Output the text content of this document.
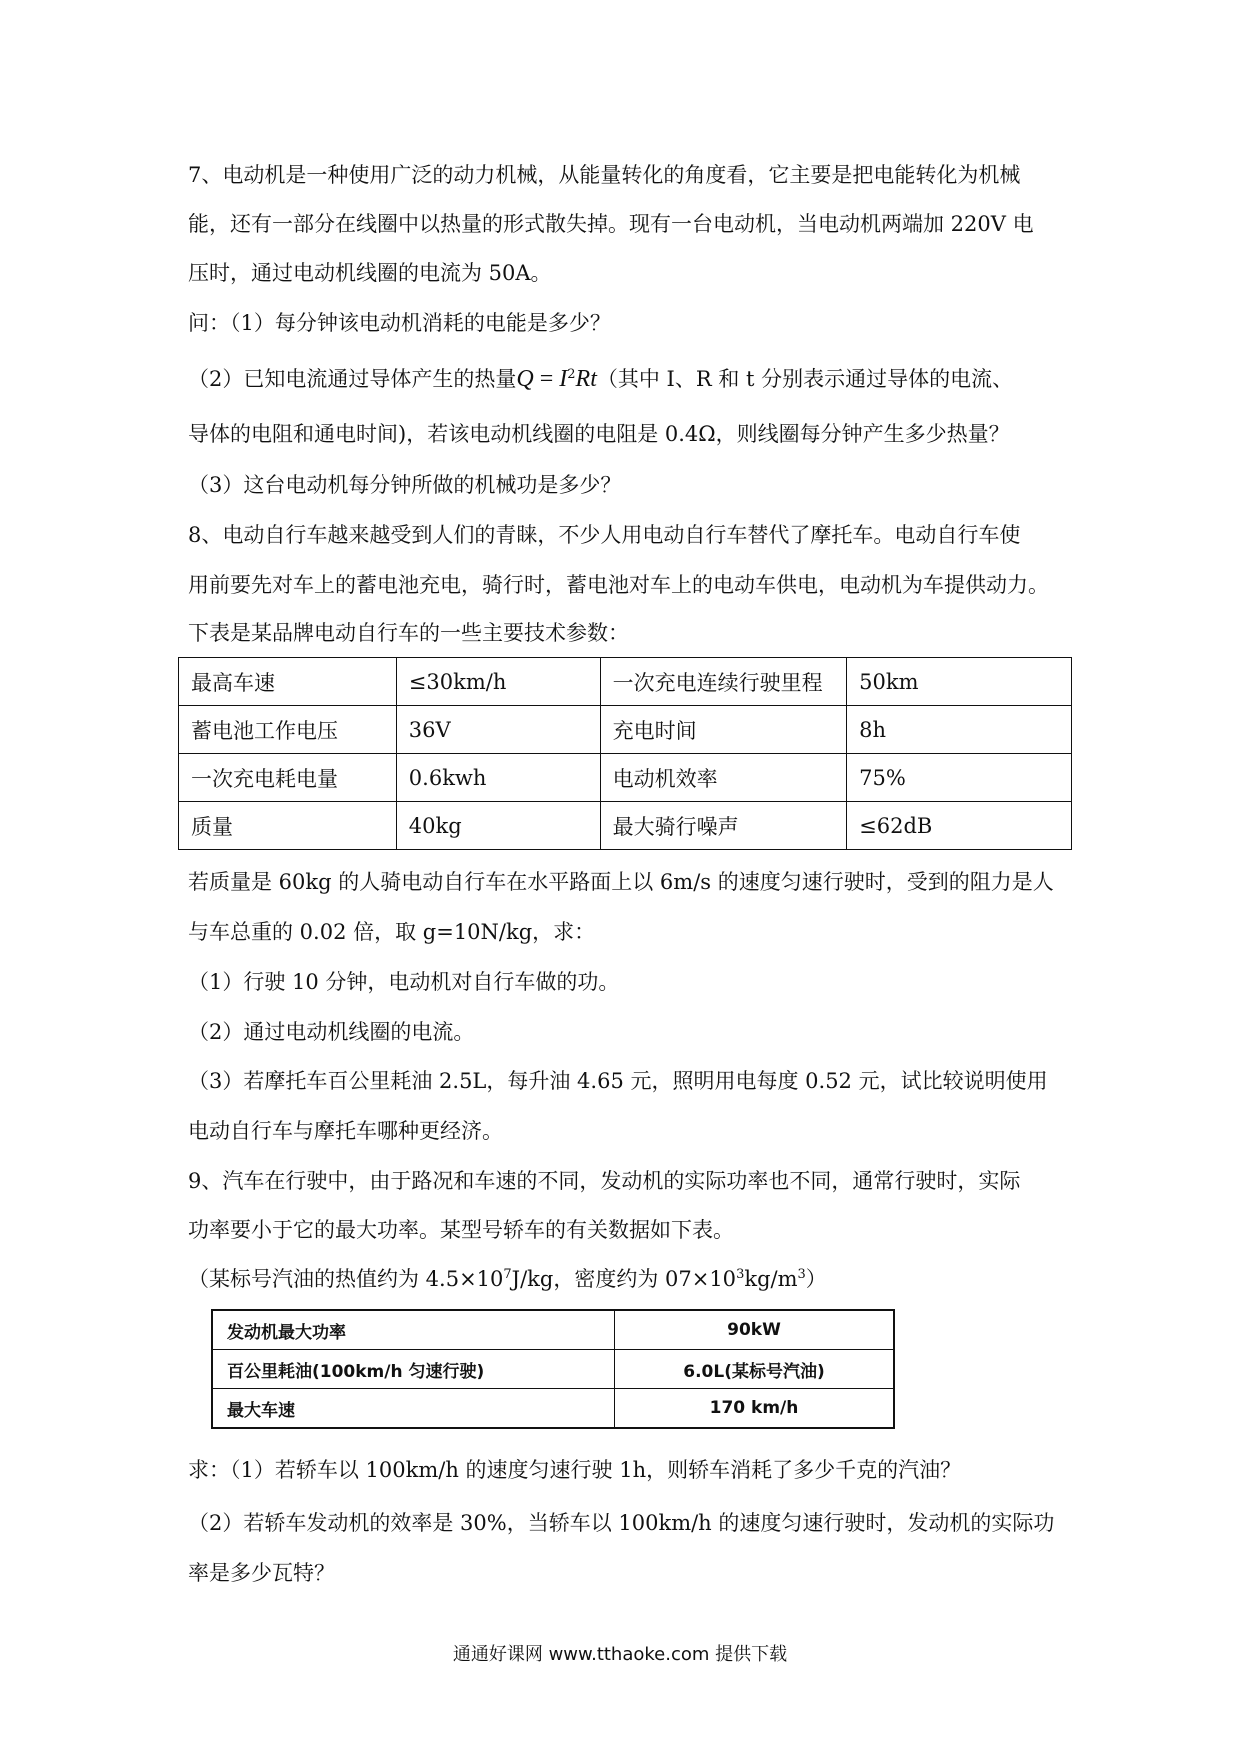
7、电动机是一种使用广泛的动力机械，从能量转化的角度看，它主要是把电能转化为机械
能，还有一部分在线圈中以热量的形式散失掉。现有一台电动机，当电动机两端加 220V 电
压时，通过电动机线圈的电流为 50A。
问：（1）每分钟该电动机消耗的电能是多少？
（2）已知电流通过导体产生的热量$Q = I^2Rt$（其中 I、R 和 t 分别表示通过导体的电流、
导体的电阻和通电时间)，若该电动机线圈的电阻是 0.4Ω，则线圈每分钟产生多少热量？
（3）这台电动机每分钟所做的机械功是多少？
8、电动自行车越来越受到人们的青睐，不少人用电动自行车替代了摩托车。电动自行车使
用前要先对车上的蓄电池充电，骑行时，蓄电池对车上的电动车供电，电动机为车提供动力。
下表是某品牌电动自行车的一些主要技术参数：
最高车速	≤30km/h	一次充电连续行驶里程	50km
蓄电池工作电压	36V	充电时间	8h
一次充电耗电量	0.6kwh	电动机效率	75%
质量	40kg	最大骑行噪声	≤62dB
若质量是 60kg 的人骑电动自行车在水平路面上以 6m/s 的速度匀速行驶时，受到的阻力是人
与车总重的 0.02 倍，取 g=10N/kg，求：
（1）行驶 10 分钟，电动机对自行车做的功。
（2）通过电动机线圈的电流。
（3）若摩托车百公里耗油 2.5L，每升油 4.65 元，照明用电每度 0.52 元，试比较说明使用
电动自行车与摩托车哪种更经济。
9、汽车在行驶中，由于路况和车速的不同，发动机的实际功率也不同，通常行驶时，实际
功率要小于它的最大功率。某型号轿车的有关数据如下表。
（某标号汽油的热值约为 $4.5\times 10^7J/kg$，密度约为 $07\times 10^3kg/m^3$）
发动机最大功率	90kW
百公里耗油(100km/h 匀速行驶)	6.0L(某标号汽油)
最大车速	170 km/h
求：（1）若轿车以 100km/h 的速度匀速行驶 1h，则轿车消耗了多少千克的汽油？
（2）若轿车发动机的效率是 30%，当轿车以 100km/h 的速度匀速行驶时，发动机的实际功
率是多少瓦特？
通通好课网 www.tthaoke.com 提供下载
